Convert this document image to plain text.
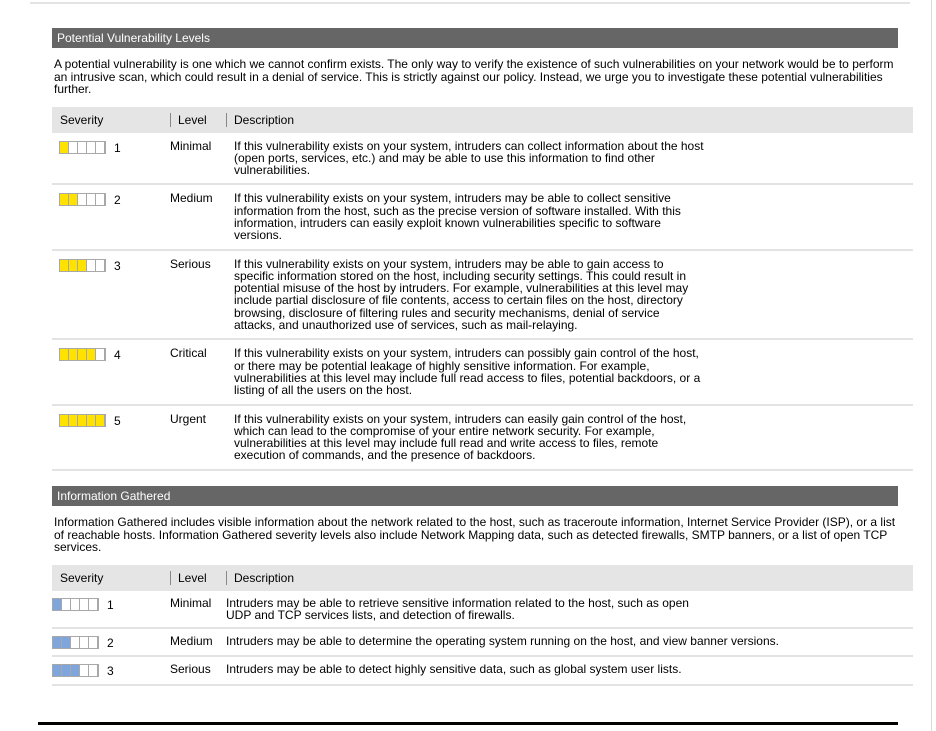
Potential Vulnerability Levels
A potential vulnerability is one which we cannot confirm exists. The only way to verify the existence of such vulnerabilities on your network would be to perform an intrusive scan, which could result in a denial of service. This is strictly against our policy. Instead, we urge you to investigate these potential vulnerabilities further.
Severity	Level	Description

1	Minimal	If this vulnerability exists on your system, intruders can collect information about the host (open ports, services, etc.) and may be able to use this information to find other vulnerabilities.

2	Medium	If this vulnerability exists on your system, intruders may be able to collect sensitive information from the host, such as the precise version of software installed. With this information, intruders can easily exploit known vulnerabilities specific to software versions.

3	Serious	If this vulnerability exists on your system, intruders may be able to gain access to specific information stored on the host, including security settings. This could result in potential misuse of the host by intruders. For example, vulnerabilities at this level may include partial disclosure of file contents, access to certain files on the host, directory browsing, disclosure of filtering rules and security mechanisms, denial of service attacks, and unauthorized use of services, such as mail-relaying.

4	Critical	If this vulnerability exists on your system, intruders can possibly gain control of the host, or there may be potential leakage of highly sensitive information. For example, vulnerabilities at this level may include full read access to files, potential backdoors, or a listing of all the users on the host.

5	Urgent	If this vulnerability exists on your system, intruders can easily gain control of the host, which can lead to the compromise of your entire network security. For example, vulnerabilities at this level may include full read and write access to files, remote execution of commands, and the presence of backdoors.
Information Gathered
Information Gathered includes visible information about the network related to the host, such as traceroute information, Internet Service Provider (ISP), or a list of reachable hosts. Information Gathered severity levels also include Network Mapping data, such as detected firewalls, SMTP banners, or a list of open TCP services.
Severity	Level	Description

1	Minimal	Intruders may be able to retrieve sensitive information related to the host, such as open UDP and TCP services lists, and detection of firewalls.

2	Medium	Intruders may be able to determine the operating system running on the host, and view banner versions.

3	Serious	Intruders may be able to detect highly sensitive data, such as global system user lists.
